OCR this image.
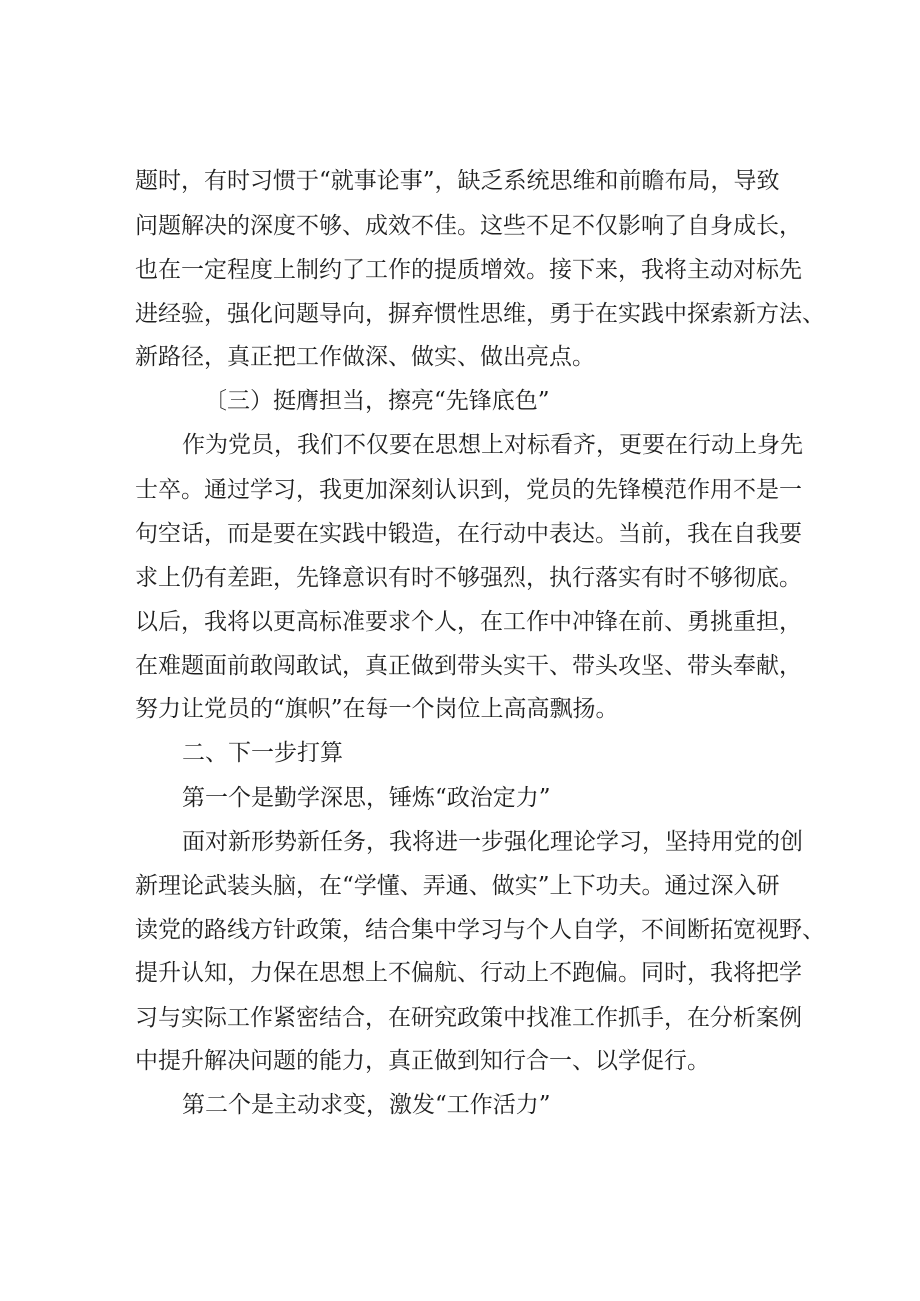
题时，有时习惯于“就事论事”，缺乏系统思维和前瞻布局，导致
问题解决的深度不够、成效不佳。这些不足不仅影响了自身成长，
也在一定程度上制约了工作的提质增效。接下来，我将主动对标先
进经验，强化问题导向，摒弃惯性思维，勇于在实践中探索新方法、
新路径，真正把工作做深、做实、做出亮点。
〔三）挺膺担当，擦亮“先锋底色”
作为党员，我们不仅要在思想上对标看齐，更要在行动上身先
士卒。通过学习，我更加深刻认识到，党员的先锋模范作用不是一
句空话，而是要在实践中锻造，在行动中表达。当前，我在自我要
求上仍有差距，先锋意识有时不够强烈，执行落实有时不够彻底。
以后，我将以更高标准要求个人，在工作中冲锋在前、勇挑重担，
在难题面前敢闯敢试，真正做到带头实干、带头攻坚、带头奉献，
努力让党员的“旗帜”在每一个岗位上高高飘扬。
二、下一步打算
第一个是勤学深思，锤炼“政治定力”
面对新形势新任务，我将进一步强化理论学习，坚持用党的创
新理论武装头脑，在“学懂、弄通、做实”上下功夫。通过深入研
读党的路线方针政策，结合集中学习与个人自学，不间断拓宽视野、
提升认知，力保在思想上不偏航、行动上不跑偏。同时，我将把学
习与实际工作紧密结合，在研究政策中找准工作抓手，在分析案例
中提升解决问题的能力，真正做到知行合一、以学促行。
第二个是主动求变，激发“工作活力”
